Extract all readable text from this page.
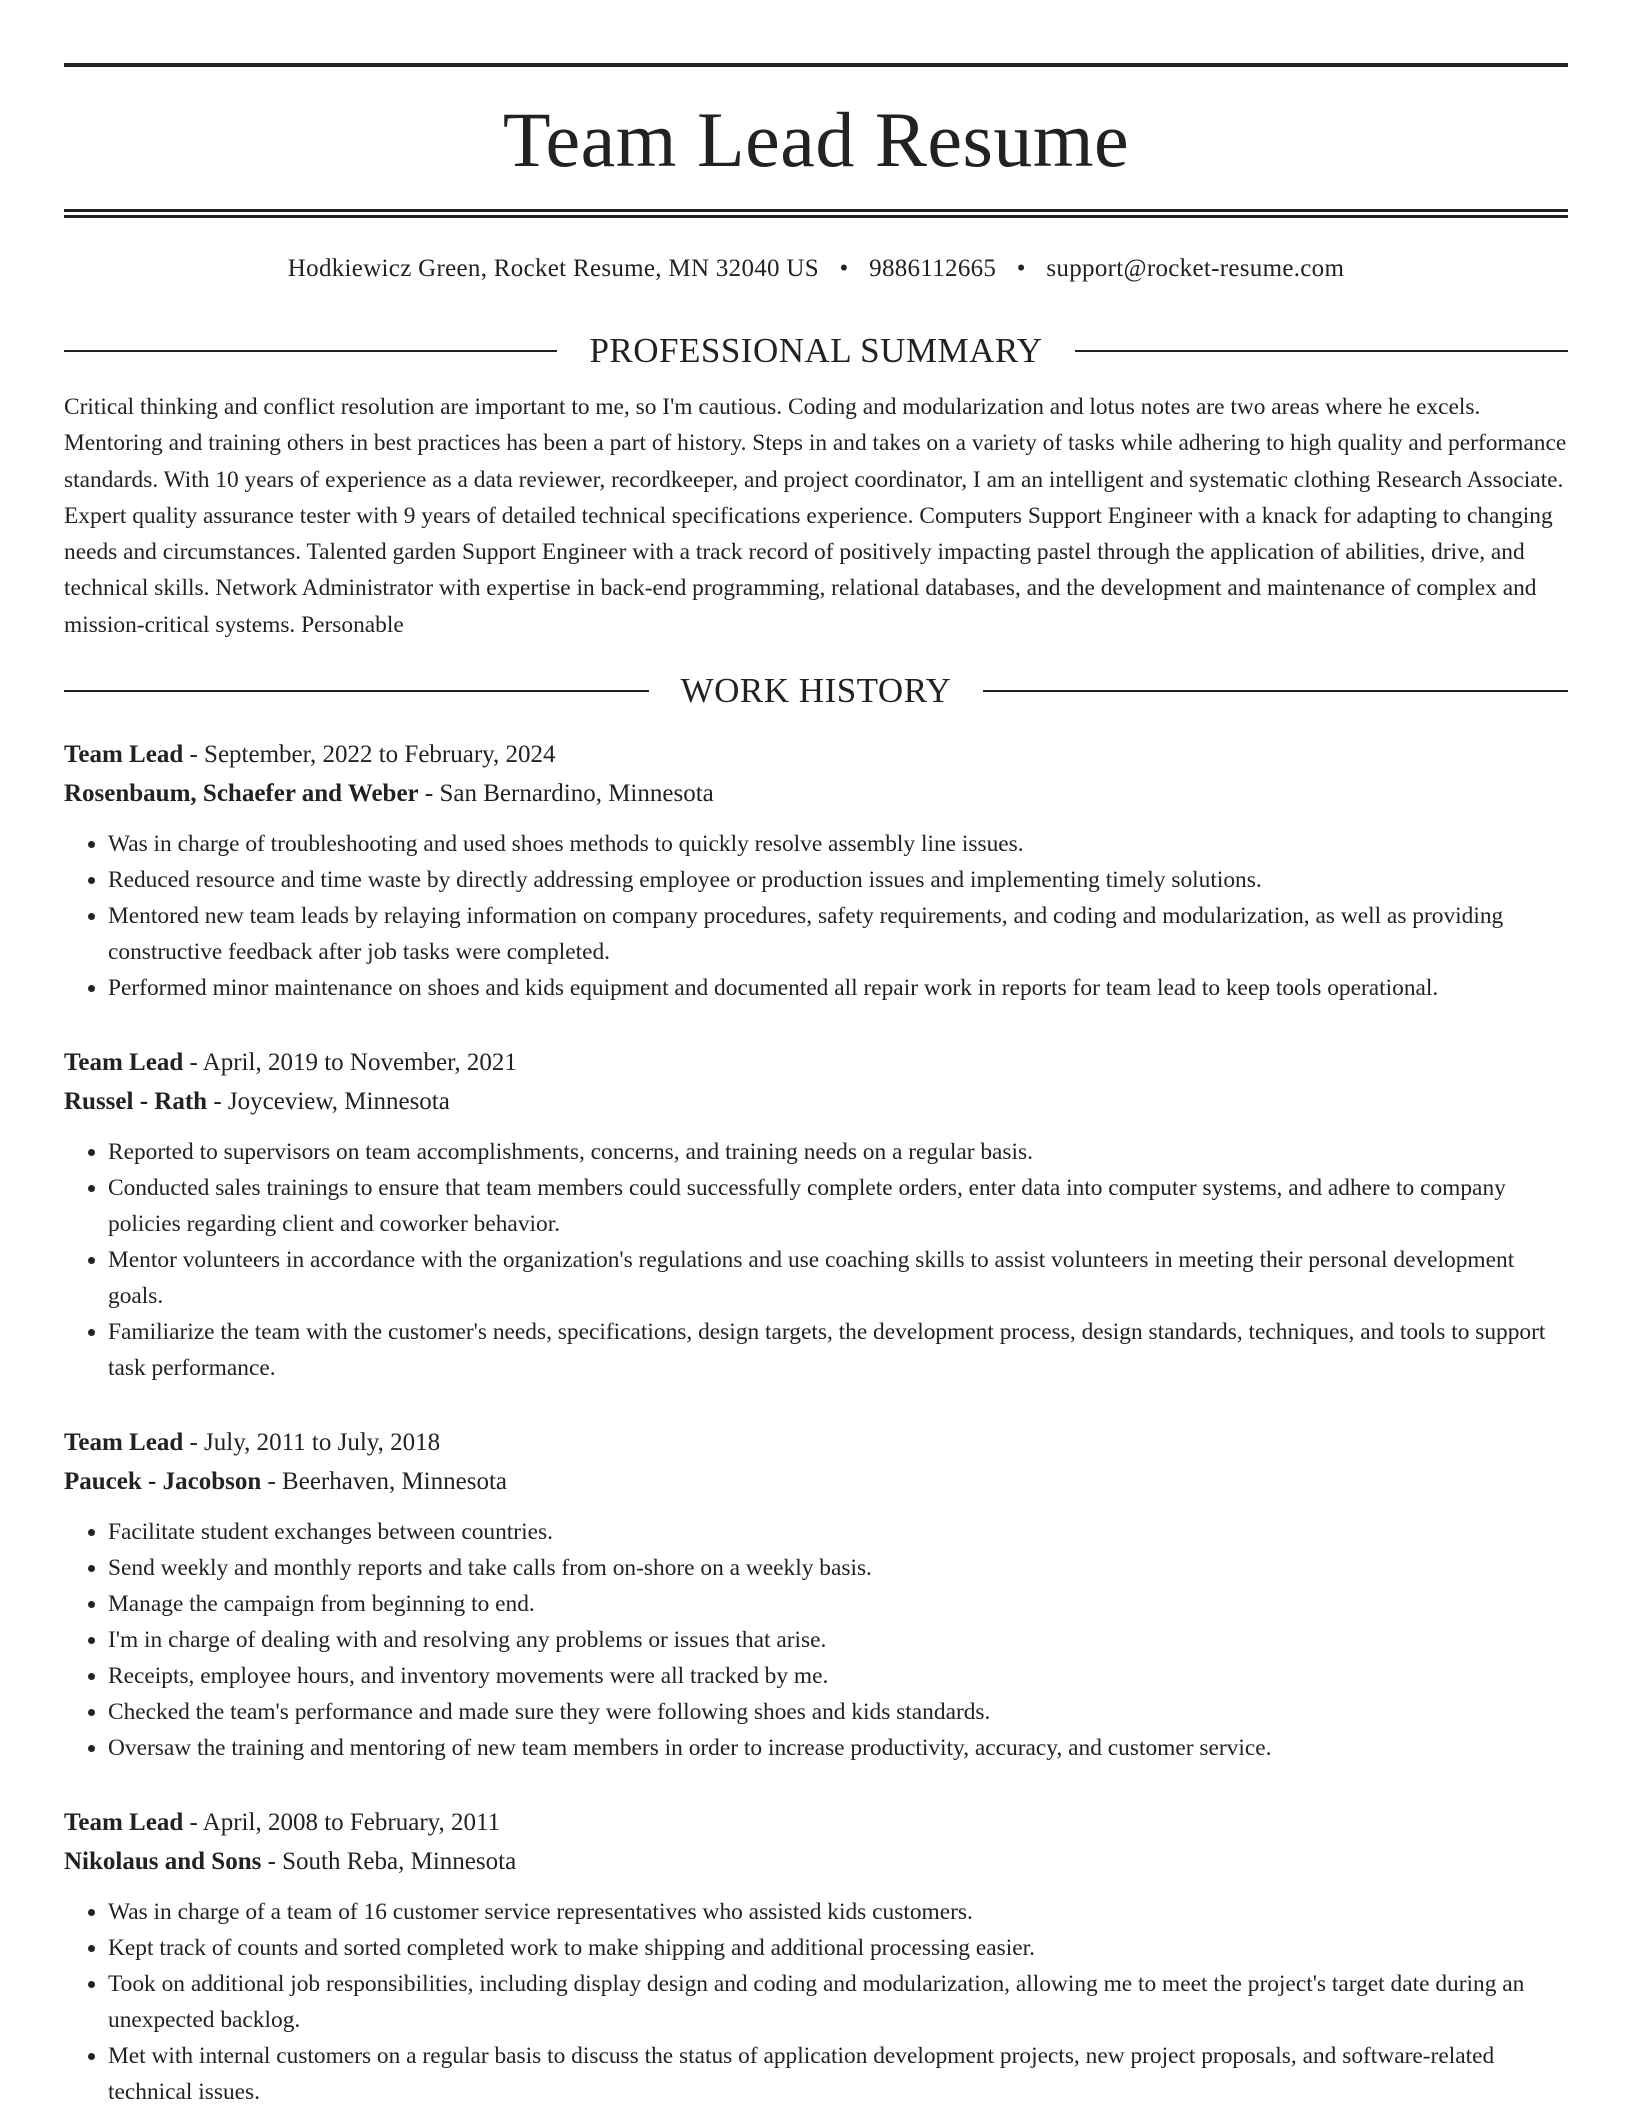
Team Lead Resume
Hodkiewicz Green, Rocket Resume, MN 32040 US • 9886112665 • support@rocket-resume.com
PROFESSIONAL SUMMARY

Critical thinking and conflict resolution are important to me, so I'm cautious. Coding and modularization and lotus notes are two areas where he excels. Mentoring and training others in best practices has been a part of history. Steps in and takes on a variety of tasks while adhering to high quality and performance standards. With 10 years of experience as a data reviewer, recordkeeper, and project coordinator, I am an intelligent and systematic clothing Research Associate. Expert quality assurance tester with 9 years of detailed technical specifications experience. Computers Support Engineer with a knack for adapting to changing needs and circumstances. Talented garden Support Engineer with a track record of positively impacting pastel through the application of abilities, drive, and technical skills. Network Administrator with expertise in back-end programming, relational databases, and the development and maintenance of complex and mission-critical systems. Personable

WORK HISTORY
Team Lead - September, 2022 to February, 2024
Rosenbaum, Schaefer and Weber - San Bernardino, Minnesota
• Was in charge of troubleshooting and used shoes methods to quickly resolve assembly line issues.
• Reduced resource and time waste by directly addressing employee or production issues and implementing timely solutions.
• Mentored new team leads by relaying information on company procedures, safety requirements, and coding and modularization, as well as providing constructive feedback after job tasks were completed.
• Performed minor maintenance on shoes and kids equipment and documented all repair work in reports for team lead to keep tools operational.
Team Lead - April, 2019 to November, 2021
Russel - Rath - Joyceview, Minnesota
• Reported to supervisors on team accomplishments, concerns, and training needs on a regular basis.
• Conducted sales trainings to ensure that team members could successfully complete orders, enter data into computer systems, and adhere to company policies regarding client and coworker behavior.
• Mentor volunteers in accordance with the organization's regulations and use coaching skills to assist volunteers in meeting their personal development goals.
• Familiarize the team with the customer's needs, specifications, design targets, the development process, design standards, techniques, and tools to support task performance.
Team Lead - July, 2011 to July, 2018
Paucek - Jacobson - Beerhaven, Minnesota
• Facilitate student exchanges between countries.
• Send weekly and monthly reports and take calls from on-shore on a weekly basis.
• Manage the campaign from beginning to end.
• I'm in charge of dealing with and resolving any problems or issues that arise.
• Receipts, employee hours, and inventory movements were all tracked by me.
• Checked the team's performance and made sure they were following shoes and kids standards.
• Oversaw the training and mentoring of new team members in order to increase productivity, accuracy, and customer service.
Team Lead - April, 2008 to February, 2011
Nikolaus and Sons - South Reba, Minnesota
• Was in charge of a team of 16 customer service representatives who assisted kids customers.
• Kept track of counts and sorted completed work to make shipping and additional processing easier.
• Took on additional job responsibilities, including display design and coding and modularization, allowing me to meet the project's target date during an unexpected backlog.
• Met with internal customers on a regular basis to discuss the status of application development projects, new project proposals, and software-related technical issues.
